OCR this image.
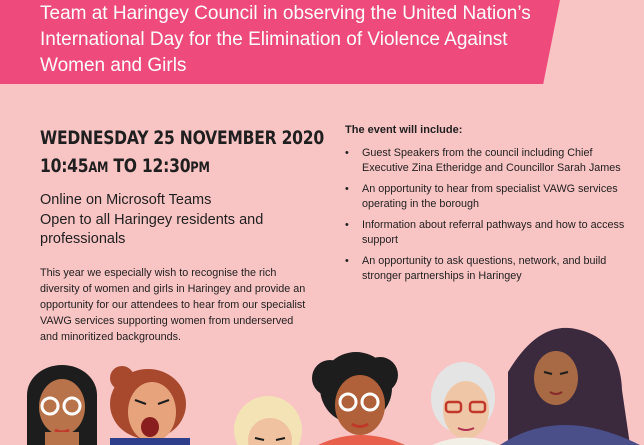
Team at Haringey Council in observing the United Nation’s International Day for the Elimination of Violence Against Women and Girls

WEDNESDAY 25 NOVEMBER 2020
10:45AM TO 12:30PM
Online on Microsoft Teams
Open to all Haringey residents and professionals

This year we especially wish to recognise the rich diversity of women and girls in Haringey and provide an opportunity for our attendees to hear from our specialist VAWG services supporting women from underserved and minoritized backgrounds.

The event will include:

• Guest Speakers from the council including Chief Executive Zina Etheridge and Councillor Sarah James
• An opportunity to hear from specialist VAWG services operating in the borough
• Information about referral pathways and how to access support
• An opportunity to ask questions, network, and build stronger partnerships in Haringey
